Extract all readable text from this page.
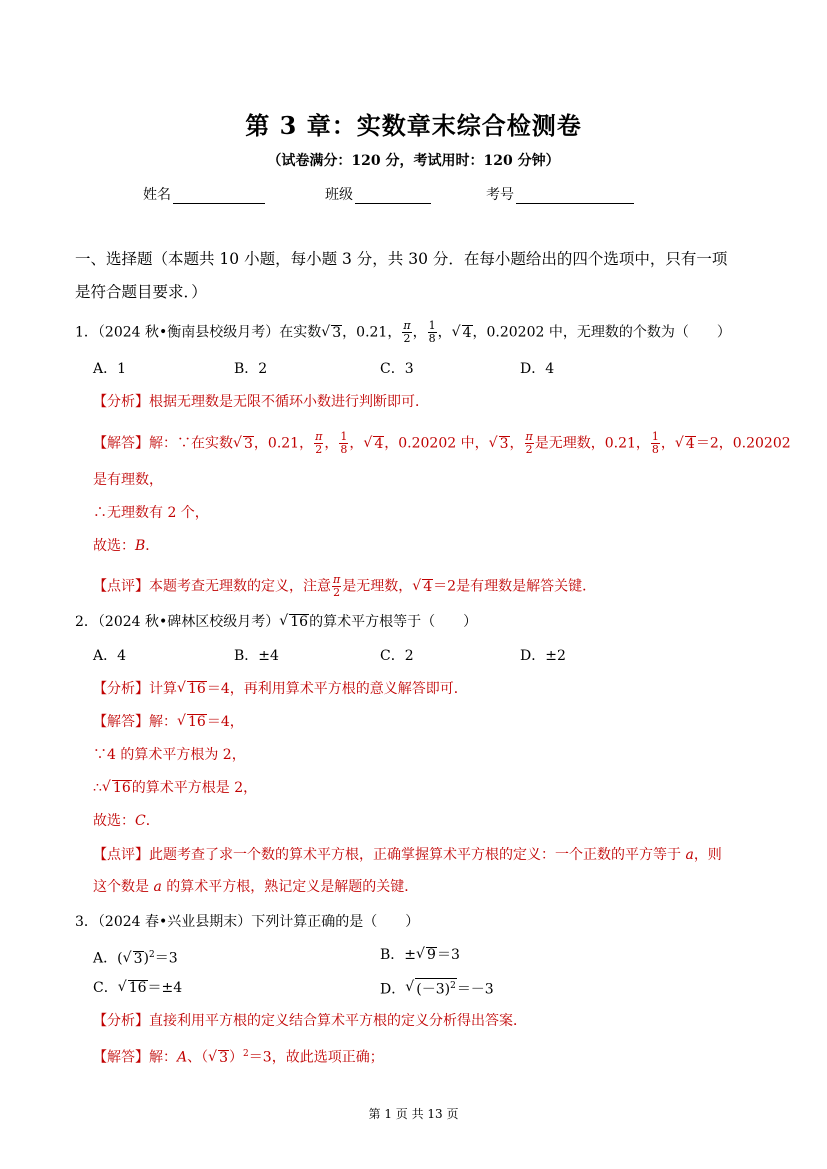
第 3 章：实数章末综合检测卷
（试卷满分：120 分，考试用时：120 分钟）
姓名	班级	考号
一、选择题（本题共 10 小题，每小题 3 分，共 30 分．在每小题给出的四个选项中，只有一项
是符合题目要求．）
1．（2024 秋•衡南县校级月考）在实数 √ 3，0.21， $\frac{\pi}{2}$ ， $\frac{1}{8}$ ， √ 4，0.20202 中，无理数的个数为（　　）
A．1	B．2	C．3	D．4
【分析】根据无理数是无限不循环小数进行判断即可．
【解答】解：∵在实数 √ 3，0.21， $\frac{\pi}{2}$ ， $\frac{1}{8}$ ， √ 4，0.20202 中， √ 3， $\frac{\pi}{2}$ 是无理数，0.21， $\frac{1}{8}$ ， √ 4＝2，0.20202
是有理数，
∴无理数有 2 个，
故选：B．
【点评】本题考查无理数的定义，注意 $\frac{\pi}{2}$ 是无理数， √ 4＝2是有理数是解答关键．
2．（2024 秋•碑林区校级月考） √ 16的算术平方根等于（　　）
A．4	B．±4	C．2	D．±2
【分析】计算 √ 16＝4，再利用算术平方根的意义解答即可．
【解答】解： √ 16＝4，
∵4 的算术平方根为 2，
∴ √ 16的算术平方根是 2，
故选：C．
【点评】此题考查了求一个数的算术平方根，正确掌握算术平方根的定义：一个正数的平方等于 a，则
这个数是 a 的算术平方根，熟记定义是解题的关键．
3．（2024 春•兴业县期末）下列计算正确的是（　　）
A．( √ 3)$^2$＝3	B．± √ 9＝3
C． √ 16＝±4	D． √ $(-3)^2=-3$
【分析】直接利用平方根的定义结合算术平方根的定义分析得出答案．
【解答】解：A、（ √ 3）$^2$＝3，故此选项正确；
第 1 页 共 13 页
